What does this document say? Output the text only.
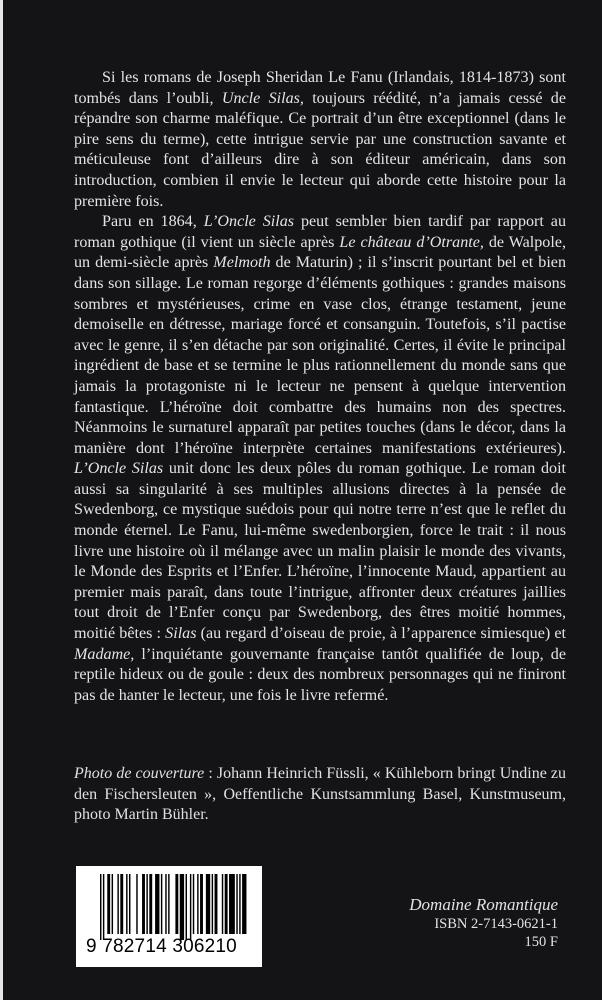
Si les romans de Joseph Sheridan Le Fanu (Irlandais, 1814-1873) sont tombés dans l’oubli, Uncle Silas, toujours réédité, n’a jamais cessé de répandre son charme maléfique. Ce portrait d’un être exceptionnel (dans le pire sens du terme), cette intrigue servie par une construction savante et méticuleuse font d’ailleurs dire à son éditeur américain, dans son introduction, combien il envie le lecteur qui aborde cette histoire pour la première fois.

Paru en 1864, L’Oncle Silas peut sembler bien tardif par rapport au roman gothique (il vient un siècle après Le château d’Otrante, de Walpole, un demi-siècle après Melmoth de Maturin) ; il s’inscrit pourtant bel et bien dans son sillage. Le roman regorge d’éléments gothiques : grandes maisons sombres et mystérieuses, crime en vase clos, étrange testament, jeune demoiselle en détresse, mariage forcé et consanguin. Toutefois, s’il pactise avec le genre, il s’en détache par son originalité. Certes, il évite le principal ingrédient de base et se termine le plus rationnellement du monde sans que jamais la protagoniste ni le lecteur ne pensent à quelque intervention fantastique. L’héroïne doit combattre des humains non des spectres. Néanmoins le surnaturel apparaît par petites touches (dans le décor, dans la manière dont l’héroïne interprète certaines manifestations extérieures). L’Oncle Silas unit donc les deux pôles du roman gothique. Le roman doit aussi sa singularité à ses multiples allusions directes à la pensée de Swedenborg, ce mystique suédois pour qui notre terre n’est que le reflet du monde éternel. Le Fanu, lui-même swedenborgien, force le trait : il nous livre une histoire où il mélange avec un malin plaisir le monde des vivants, le Monde des Esprits et l’Enfer. L’héroïne, l’innocente Maud, appartient au premier mais paraît, dans toute l’intrigue, affronter deux créatures jaillies tout droit de l’Enfer conçu par Swedenborg, des êtres moitié hommes, moitié bêtes : Silas (au regard d’oiseau de proie, à l’apparence simiesque) et Madame, l’inquiétante gouvernante française tantôt qualifiée de loup, de reptile hideux ou de goule : deux des nombreux personnages qui ne finiront pas de hanter le lecteur, une fois le livre refermé.

Photo de couverture : Johann Heinrich Füssli, « Kühleborn bringt Undine zu den Fischersleuten », Oeffentliche Kunstsammlung Basel, Kunstmuseum, photo Martin Bühler.
9 782714 306210
Domaine Romantique
ISBN 2-7143-0621-1
150 F
